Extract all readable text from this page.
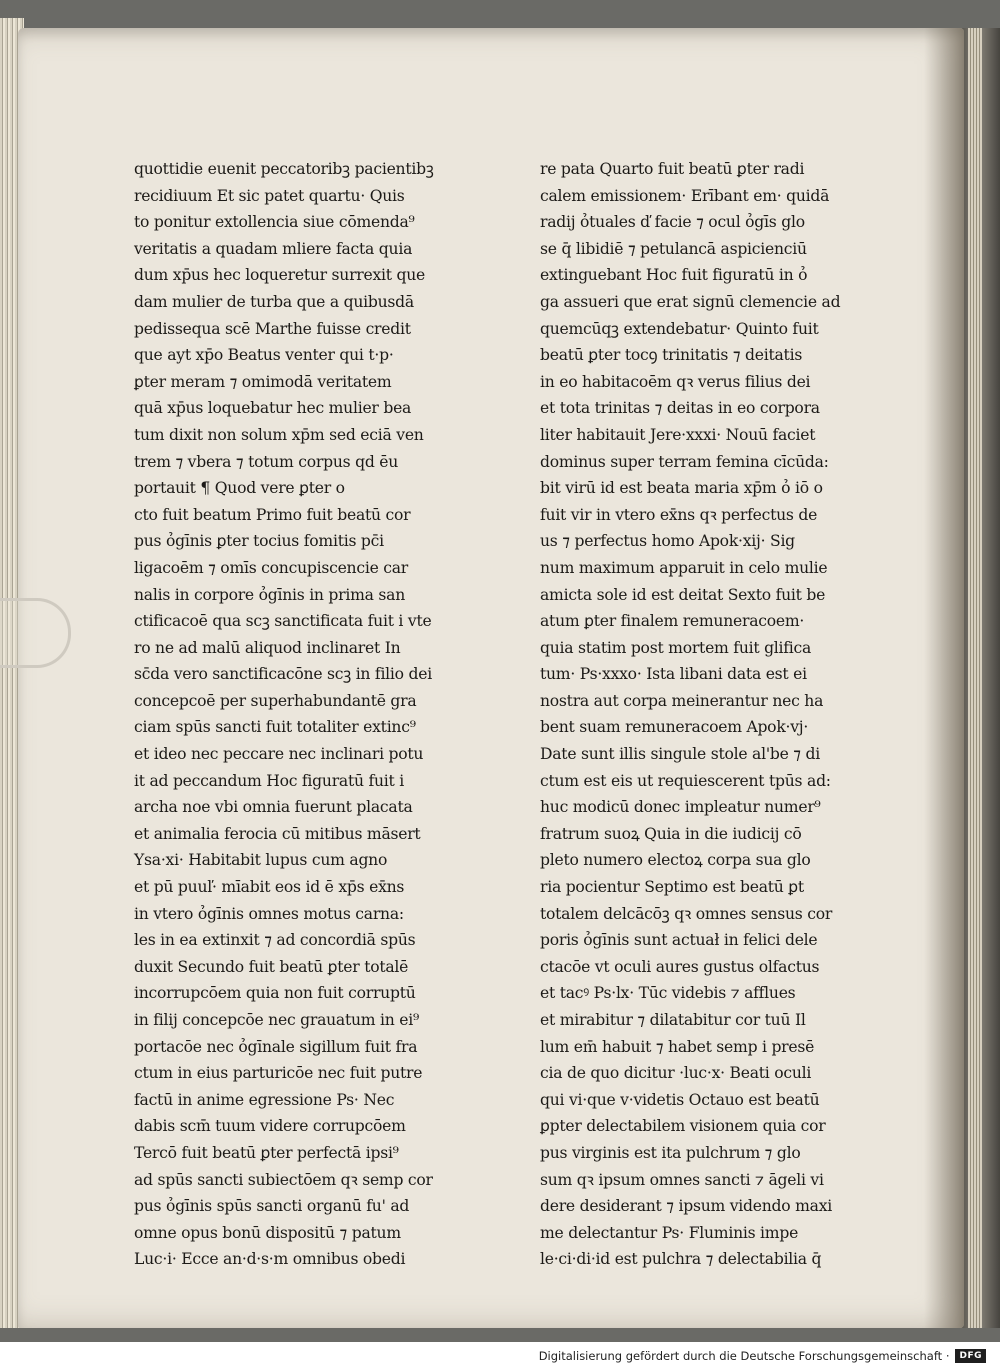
quottidie euenit peccatoribꝫ pacientibꝫ
recidiuum Et sic patet quartu· Quis
to ponitur extollencia siue cōmenda⁹
veritatis a quadam mliere facta quia
dum xp̄us hec loqueretur surrexit que
dam mulier de turba que a quibusdā
pedissequa scē Marthe fuisse credit
que ayt xp̄o Beatus venter qui t·p·
ꝑter meram ⁊ omimodā veritatem
quā xp̄us loquebatur hec mulier bea
tum dixit non solum xp̄m sed eciā ven
trem ⁊ vbera ⁊ totum corpus qd ēu
portauit ¶ Quod vere ꝑter o
cto fuit beatum Primo fuit beatū cor
pus ỏgīnis ꝑter tocius fomitis pc̄i
ligacoēm ⁊ omīs concupiscencie car
nalis in corpore ỏgīnis in prima san
ctificacoē qua scꝫ sanctificata fuit i vte
ro ne ad malū aliquod inclinaret In
sc̄da vero sanctificacōne scꝫ in filio dei
concepcoē per superhabundantē gra
ciam spūs sancti fuit totaliter extinc⁹
et ideo nec peccare nec inclinari potu
it ad peccandum Hoc figuratū fuit i
archa noe vbi omnia fuerunt placata
et animalia ferocia cū mitibus māsert
Ysa·xi· Habitabit lupus cum agno
et pū puuľ· mīabit eos id ē xp̄s ex̄ns
in vtero ỏgīnis omnes motus carna:
les in ea extinxit ⁊ ad concordiā spūs
duxit Secundo fuit beatū ꝑter totalē
incorrupcōem quia non fuit corruptū
in filij concepcōe nec grauatum in ei⁹
portacōe nec ỏgīnale sigillum fuit fra
ctum in eius parturicōe nec fuit putre
factū in anime egressione Ps· Nec
dabis scm̄ tuum videre corrupcōem
Tercō fuit beatū ꝑter perfectā ipsi⁹
ad spūs sancti subiectōem qꝛ semp cor
pus ỏgīnis spūs sancti organū fu' ad
omne opus bonū dispositū ⁊ patum
Luc·i· Ecce an·d·s·m omnibus obedi
re pata Quarto fuit beatū ꝑter radi
calem emissionem· Erībant em· quidā
radij ỏtuales ď facie ⁊ ocul ỏgīs glo
se q̄ libidiē ⁊ petulancā aspicienciū
extinguebant Hoc fuit figuratū in ỏ
ga assueri que erat signū clemencie ad
quemcūqꝫ extendebatur· Quinto fuit
beatū ꝑter tocꝯ trinitatis ⁊ deitatis
in eo habitacoēm qꝛ verus filius dei
et tota trinitas ⁊ deitas in eo corpora
liter habitauit Jere·xxxi· Nouū faciet
dominus super terram femina cīcūda:
bit virū id est beata maria xp̄m ỏ iō o
fuit vir in vtero ex̄ns qꝛ perfectus de
us ⁊ perfectus homo Apok·xij· Sig
num maximum apparuit in celo mulie
amicta sole id est deitat Sexto fuit be
atum ꝑter finalem remuneracoem·
quia statim post mortem fuit glifica
tum· Ps·xxxo· Ista libani data est ei
nostra aut corpa meinerantur nec ha
bent suam remuneracoem Apok·vj·
Date sunt illis singule stole al'be ⁊ di
ctum est eis ut requiescerent tpūs ad:
huc modicū donec impleatur numer⁹
fratrum suoꝝ Quia in die iudicij cō
pleto numero electoꝝ corpa sua glo
ria pocientur Septimo est beatū ꝑt
totalem delcācōꝫ qꝛ omnes sensus cor
poris ỏgīnis sunt actuał in felici dele
ctacōe vt oculi aures gustus olfactus
et tacꝰ Ps·lx· Tūc videbis ⁊ afflues
et mirabitur ⁊ dilatabitur cor tuū Il
lum em̄ habuit ⁊ habet semp i presē
cia de quo dicitur ·luc·x· Beati oculi
qui vi·que v·videtis Octauo est beatū
ꝑpter delectabilem visionem quia cor
pus virginis est ita pulchrum ⁊ glo
sum qꝛ ipsum omnes sancti ⁊ āgeli vi
dere desiderant ⁊ ipsum videndo maxi
me delectantur Ps· Fluminis impe
le·ci·di·id est pulchra ⁊ delectabilia q̄
Digitalisierung gefördert durch die Deutsche Forschungsgemeinschaft ·	DFG
